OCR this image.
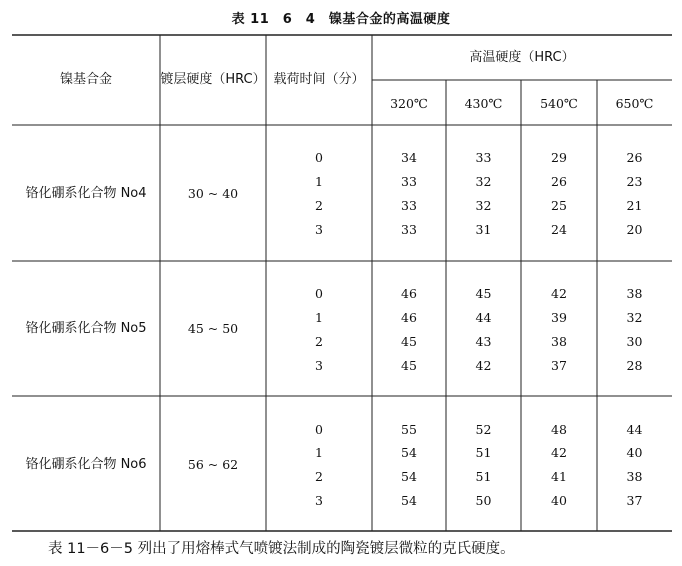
表 11　6　4　镍基合金的高温硬度
镍基合金	镀层硬度（HRC） 载荷时间（分）
高温硬度（HRC）
320℃	430℃	540℃	650℃
铬化硼系化合物 No4	30 ~ 40
0	34	33	29	26
1	33	32	26	23
2	33	32	25	21
3	33	31	24	20
铬化硼系化合物 No5	45 ~ 50
0	46	45	42	38
1	46	44	39	32
2	45	43	38	30
3	45	42	37	28
铬化硼系化合物 No6	56 ~ 62
0	55	52	48	44
1	54	51	42	40
2	54	51	41	38
3	54	50	40	37
表 11－6－5 列出了用熔棒式气喷镀法制成的陶瓷镀层微粒的克氏硬度。
